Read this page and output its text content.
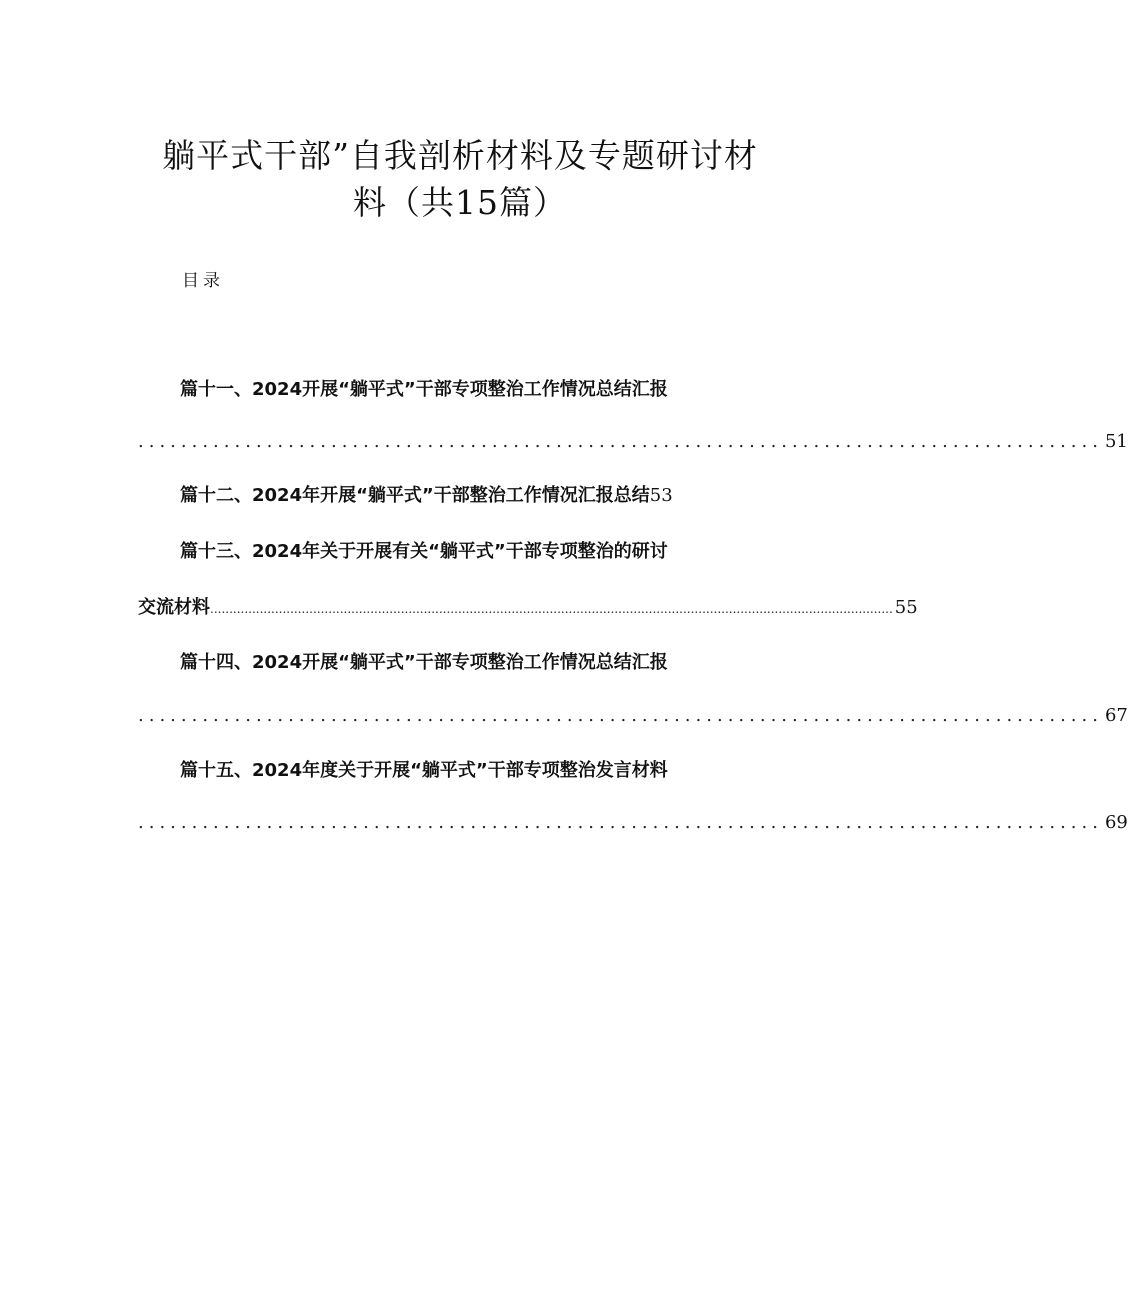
躺平式干部”自我剖析材料及专题研讨材
料（共15篇）
目录
篇十一、2024开展“躺平式”干部专项整治工作情况总结汇报
.......................................................................................... 51
篇十二、2024年开展“躺平式”干部整治工作情况汇报总结53
篇十三、2024年关于开展有关“躺平式”干部专项整治的研讨
交流材料 ................................................................................................................................................................................... 55
篇十四、2024开展“躺平式”干部专项整治工作情况总结汇报
.......................................................................................... 67
篇十五、2024年度关于开展“躺平式”干部专项整治发言材料
.......................................................................................... 69
